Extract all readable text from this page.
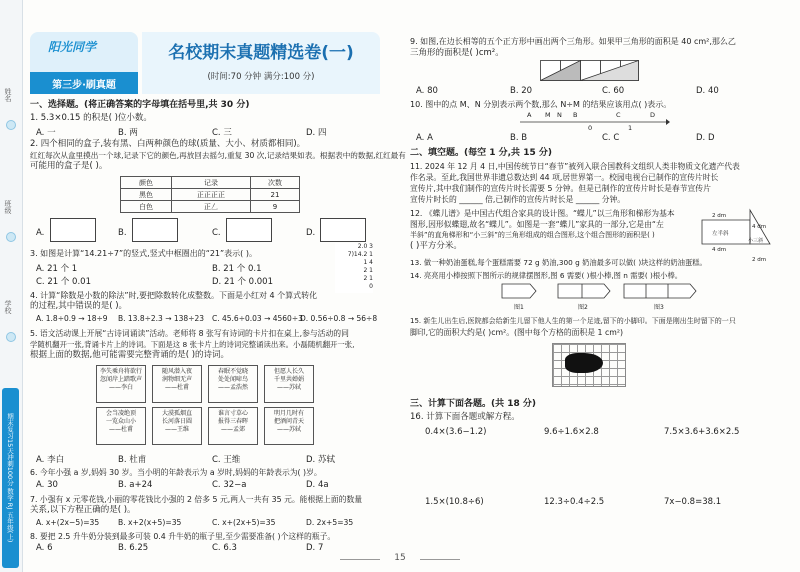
姓名
班级
学校
期末复习15天冲刺100分 数学 RJ 五年级(上)
阳光同学
第三步·刷真题
名校期末真题精选卷(一)
(时间:70 分钟 满分:100 分)
一、选择题。(将正确答案的字母填在括号里,共 30 分)
1. 5.3×0.15 的积是( )位小数。
A. 一	B. 两	C. 三	D. 四
2. 四个相同的盒子,装有黑、白两种颜色的球(质量、大小、材质都相同)。
红红每次从盒里摸出一个球,记录下它的颜色,再放回去摇匀,重复 30 次,记录结果如表。根据表中的数据,红红最有
可能用的盒子是( )。
颜色	记录	次数
黑色	正正正正	21
白色	正𠃋	9
A.	B.	C.	D.
3. 如图是计算“14.21÷7”的竖式,竖式中框圈出的“21”表示( )。
2.0 3
7)14.2 1
1 4
2 1
2 1
0
A. 21 个 1	B. 21 个 0.1
C. 21 个 0.01	D. 21 个 0.001
4. 计算“除数是小数的除法”时,要把除数转化成整数。下面是小红对 4 个算式转化
的过程,其中错误的是( )。
A. 1.8÷0.9 → 18÷9 B. 13.8÷2.3 → 138÷23 C. 45.6÷0.03 → 4560÷3
D. 0.56÷0.8 → 56÷8
5. 语文活动课上开展“古诗词诵读”活动。老师将 8 张写有诗词的卡片扣在桌上,参与活动的同
学随机翻开一张,背诵卡片上的诗词。下面是这 8 张卡片上的诗词完整诵读出来。小磊随机翻开一张,
根据上面的数据,他可能需要完整背诵的是( )的诗词。
李失乘舟将欲行
忽闻岸上踏歌声
——李白
随风潜入夜
润物细无声
——杜甫
春眠不觉晓
处处闻啼鸟
——孟浩然
但愿人长久
千里共婵娟
——苏轼
会当凌绝顶
一览众山小
——杜甫
大漠孤烟直
长河落日圆
——王维
谁言寸草心
报得三春晖
——孟郊
明月几时有
把酒问青天
——苏轼
A. 李白	B. 杜甫	C. 王维	D. 苏轼
6. 今年小强 a 岁,妈妈 30 岁。当小明的年龄表示为 a 岁时,妈妈的年龄表示为( )岁。
A. 30	B. a+24	C. 32−a	D. 4a
7. 小强有 x 元零花钱,小丽的零花钱比小强的 2 倍多 5 元,两人一共有 35 元。能根据上面的数量
关系,以下方程正确的是( )。
A. x+(2x−5)=35 B. x+2(x+5)=35	C. x+(2x+5)=35	D. 2x+5=35
8. 要把 2.5 升牛奶分装到最多可装 0.4 升牛奶的瓶子里,至少需要准备( )个这样的瓶子。
A. 6	B. 6.25	C. 6.3	D. 7
9. 如图,在边长相等的五个正方形中画出两个三角形。如果甲三角形的面积是 40 cm²,那么乙
三角形的面积是( )cm²。
A. 80	B. 20	C. 60	D. 40
10. 图中的点 M、N 分别表示两个数,那么 N÷M 的结果应该用点( )表示。
A M N B
0	1
C	D
A. A	B. B	C. C	D. D
二、填空题。(每空 1 分,共 15 分)
11. 2024 年 12 月 4 日,中国传统节日“春节”被列入联合国教科文组织人类非物质文化遗产代表
作名录。至此,我国世界非遗总数达到 44 项,居世界第一。校园电视台已制作的宣传片时长
宣传片,其中我们制作的宣传片时长需要 5 分钟。但是已制作的宣传片时长是春节宣传片
宣传片时长的 ______ 倍,已制作的宣传片时长是 ______ 分钟。
12. 《蝶儿谱》是中国古代组合家具的设计图。“蝶儿”以三角形和梯形为基本
图形,因形似蝶翅,故名“蝶儿”。如图是一套“蝶儿”家具的一部分,它是由“左
半斜”的直角梯形和“小三斜”的三角形组成的组合图形,这个组合图形的面积是( )
( )平方分米。
2 dm
4 dm
左半斜
小三斜
4 dm
2 dm
13. 做一种奶油蛋糕,每个蛋糕需要 72 g 奶油,300 g 奶油最多可以做( )块这样的奶油蛋糕。
14. 亮亮用小棒按照下图所示的规律摆图形,图 6 需要( )根小棒,图 n 需要( )根小棒。
图1	图2	图3
15. 新生儿出生后,医院都会给新生儿留下他人生的第一个足迹,留下的小脚印。下面是刚出生时留下的一只
脚印,它的面积大约是( )cm²。(图中每个方格的面积是 1 cm²)
三、计算下面各题。(共 18 分)
16. 计算下面各题或解方程。
0.4×(3.6−1.2)	9.6÷1.6×2.8	7.5×3.6+3.6×2.5
1.5×(10.8÷6)	12.3÷0.4÷2.5	7x−0.8=38.1
15
